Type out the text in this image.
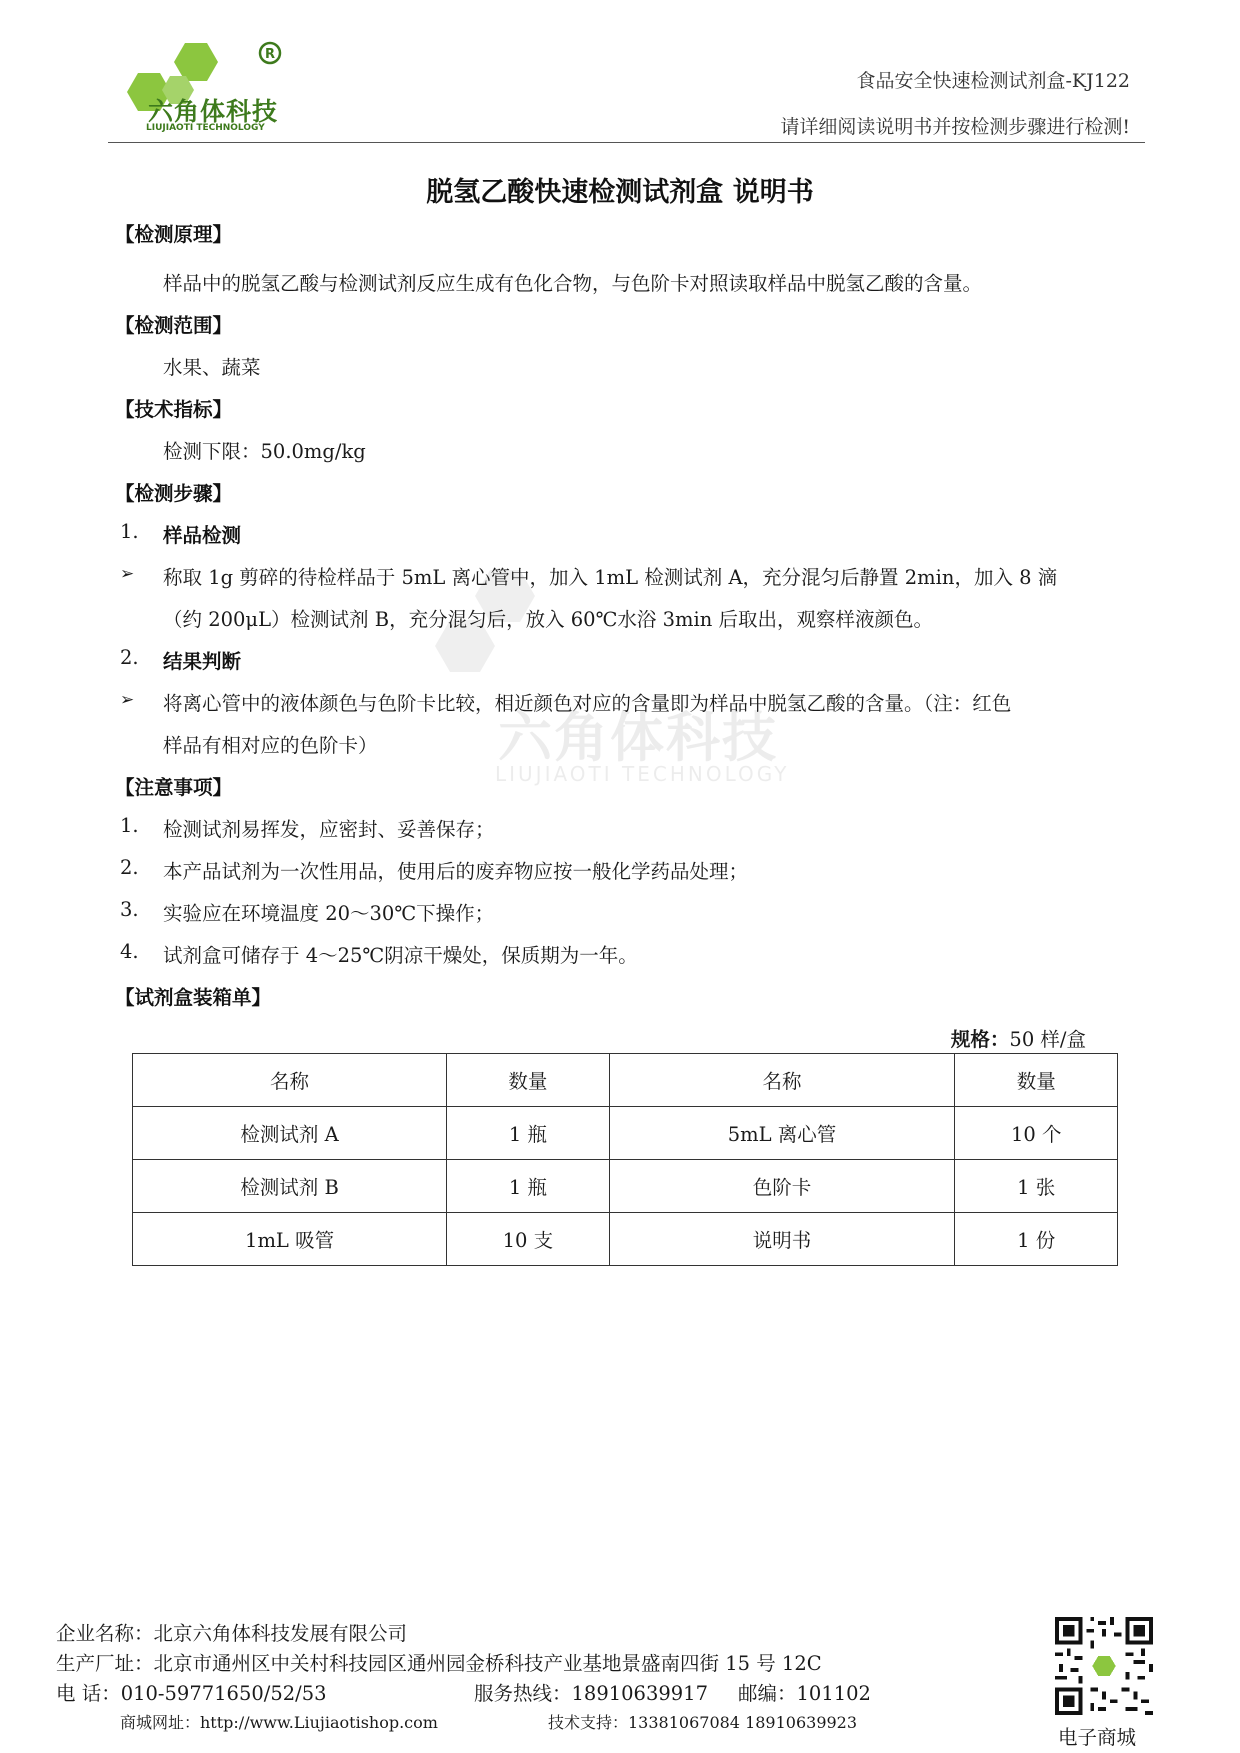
R
六角体科技
LIUJIAOTI TECHNOLOGY
食品安全快速检测试剂盒-KJ122
请详细阅读说明书并按检测步骤进行检测!
六角体科技
LIUJIAOTI TECHNOLOGY
脱氢乙酸快速检测试剂盒 说明书
【检测原理】
样品中的脱氢乙酸与检测试剂反应生成有色化合物，与色阶卡对照读取样品中脱氢乙酸的含量。
【检测范围】
水果、蔬菜
【技术指标】
检测下限：50.0mg/kg
【检测步骤】
1. 样品检测
➢ 称取 1g 剪碎的待检样品于 5mL 离心管中，加入 1mL 检测试剂 A，充分混匀后静置 2min，加入 8 滴
（约 200μL）检测试剂 B，充分混匀后，放入 60℃水浴 3min 后取出，观察样液颜色。
2. 结果判断
➢ 将离心管中的液体颜色与色阶卡比较，相近颜色对应的含量即为样品中脱氢乙酸的含量。（注：红色
样品有相对应的色阶卡）
【注意事项】
1. 检测试剂易挥发，应密封、妥善保存；
2. 本产品试剂为一次性用品，使用后的废弃物应按一般化学药品处理；
3. 实验应在环境温度 20～30℃下操作；
4. 试剂盒可储存于 4～25℃阴凉干燥处，保质期为一年。
【试剂盒装箱单】
规格：50 样/盒
名称	数量	名称	数量
检测试剂 A	1 瓶	5mL 离心管	10 个
检测试剂 B	1 瓶	色阶卡	1 张
1mL 吸管	10 支	说明书	1 份
企业名称：北京六角体科技发展有限公司
生产厂址：北京市通州区中关村科技园区通州园金桥科技产业基地景盛南四街 15 号 12C
电 话：010-59771650/52/53	服务热线：18910639917 邮编：101102
商城网址：http://www.Liujiaotishop.com	技术支持：13381067084 18910639923
电子商城
